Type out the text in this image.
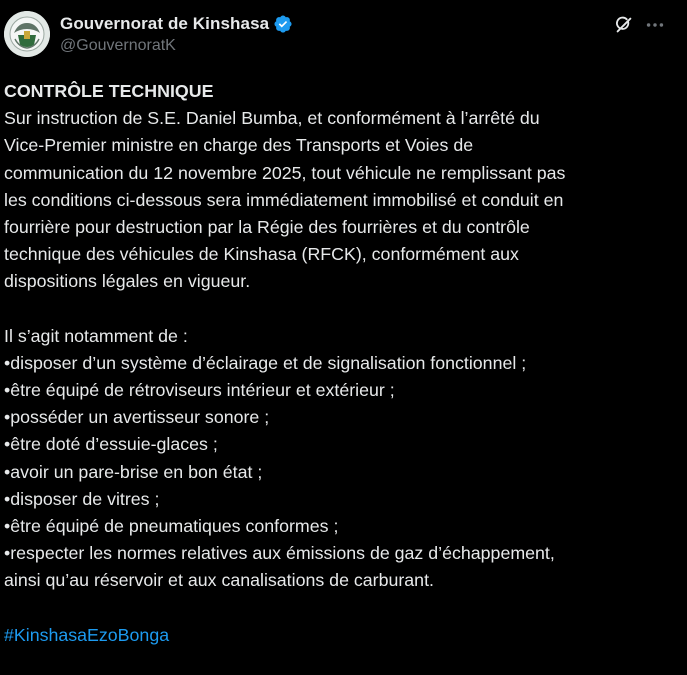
Gouvernorat de Kinshasa
@GouvernoratK
CONTRÔLE TECHNIQUE
Sur instruction de S.E. Daniel Bumba, et conformément à l’arrêté du
Vice-Premier ministre en charge des Transports et Voies de
communication du 12 novembre 2025, tout véhicule ne remplissant pas
les conditions ci-dessous sera immédiatement immobilisé et conduit en
fourrière pour destruction par la Régie des fourrières et du contrôle
technique des véhicules de Kinshasa (RFCK), conformément aux
dispositions légales en vigueur.
Il s’agit notamment de :
•disposer d’un système d’éclairage et de signalisation fonctionnel ;
•être équipé de rétroviseurs intérieur et extérieur ;
•posséder un avertisseur sonore ;
•être doté d’essuie-glaces ;
•avoir un pare-brise en bon état ;
•disposer de vitres ;
•être équipé de pneumatiques conformes ;
•respecter les normes relatives aux émissions de gaz d’échappement,
ainsi qu’au réservoir et aux canalisations de carburant.
#KinshasaEzoBonga
